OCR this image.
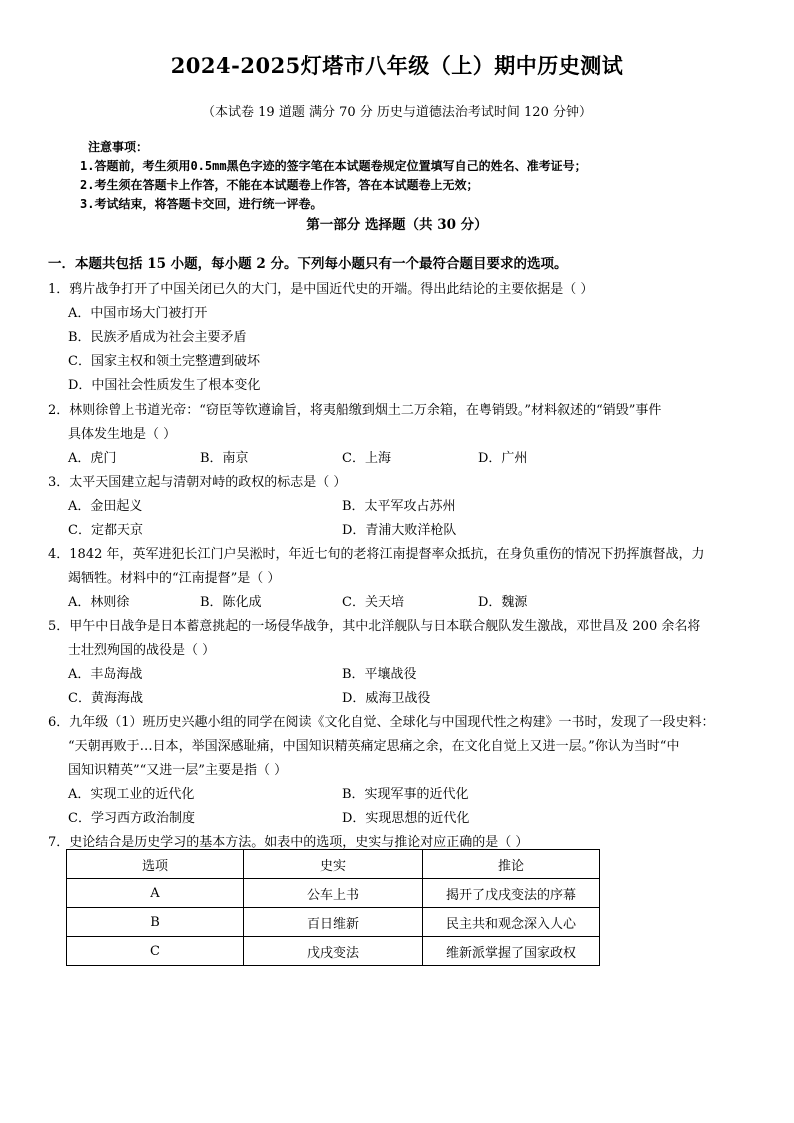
2024-2025灯塔市八年级（上）期中历史测试
（本试卷 19 道题 满分 70 分 历史与道德法治考试时间 120 分钟）
注意事项：
1.答题前，考生须用0.5mm黑色字迹的签字笔在本试题卷规定位置填写自己的姓名、准考证号；
2.考生须在答题卡上作答，不能在本试题卷上作答，答在本试题卷上无效；
3.考试结束，将答题卡交回，进行统一评卷。
第一部分 选择题（共 30 分）
一．本题共包括 15 小题，每小题 2 分。下列每小题只有一个最符合题目要求的选项。
1．鸦片战争打开了中国关闭已久的大门，是中国近代史的开端。得出此结论的主要依据是（ ）
A．中国市场大门被打开
B．民族矛盾成为社会主要矛盾
C．国家主权和领土完整遭到破坏
D．中国社会性质发生了根本变化
2．林则徐曾上书道光帝：“窃臣等钦遵谕旨，将夷船缴到烟土二万余箱，在粤销毁。”材料叙述的“销毁”事件
具体发生地是（ ）
A．虎门	B．南京	C．上海	D．广州
3．太平天国建立起与清朝对峙的政权的标志是（ ）
A．金田起义	B．太平军攻占苏州
C．定都天京	D．青浦大败洋枪队
4．1842 年，英军进犯长江门户吴淞时，年近七旬的老将江南提督率众抵抗，在身负重伤的情况下扔挥旗督战，力
竭牺牲。材料中的“江南提督”是（ ）
A．林则徐	B．陈化成	C．关天培	D．魏源
5．甲午中日战争是日本蓄意挑起的一场侵华战争，其中北洋舰队与日本联合舰队发生激战，邓世昌及 200 余名将
士壮烈殉国的战役是（ ）
A．丰岛海战	B．平壤战役
C．黄海海战	D．威海卫战役
6．九年级（1）班历史兴趣小组的同学在阅读《文化自觉、全球化与中国现代性之构建》一书时，发现了一段史料：
“天朝再败于…日本，举国深感耻痛，中国知识精英痛定思痛之余，在文化自觉上又进一层。”你认为当时“中
国知识精英”“又进一层”主要是指（ ）
A．实现工业的近代化	B．实现军事的近代化
C．学习西方政治制度	D．实现思想的近代化
7．史论结合是历史学习的基本方法。如表中的选项，史实与推论对应正确的是（ ）
选项	史实	推论
A	公车上书	揭开了戊戌变法的序幕
B	百日维新	民主共和观念深入人心
C	戊戌变法	维新派掌握了国家政权
